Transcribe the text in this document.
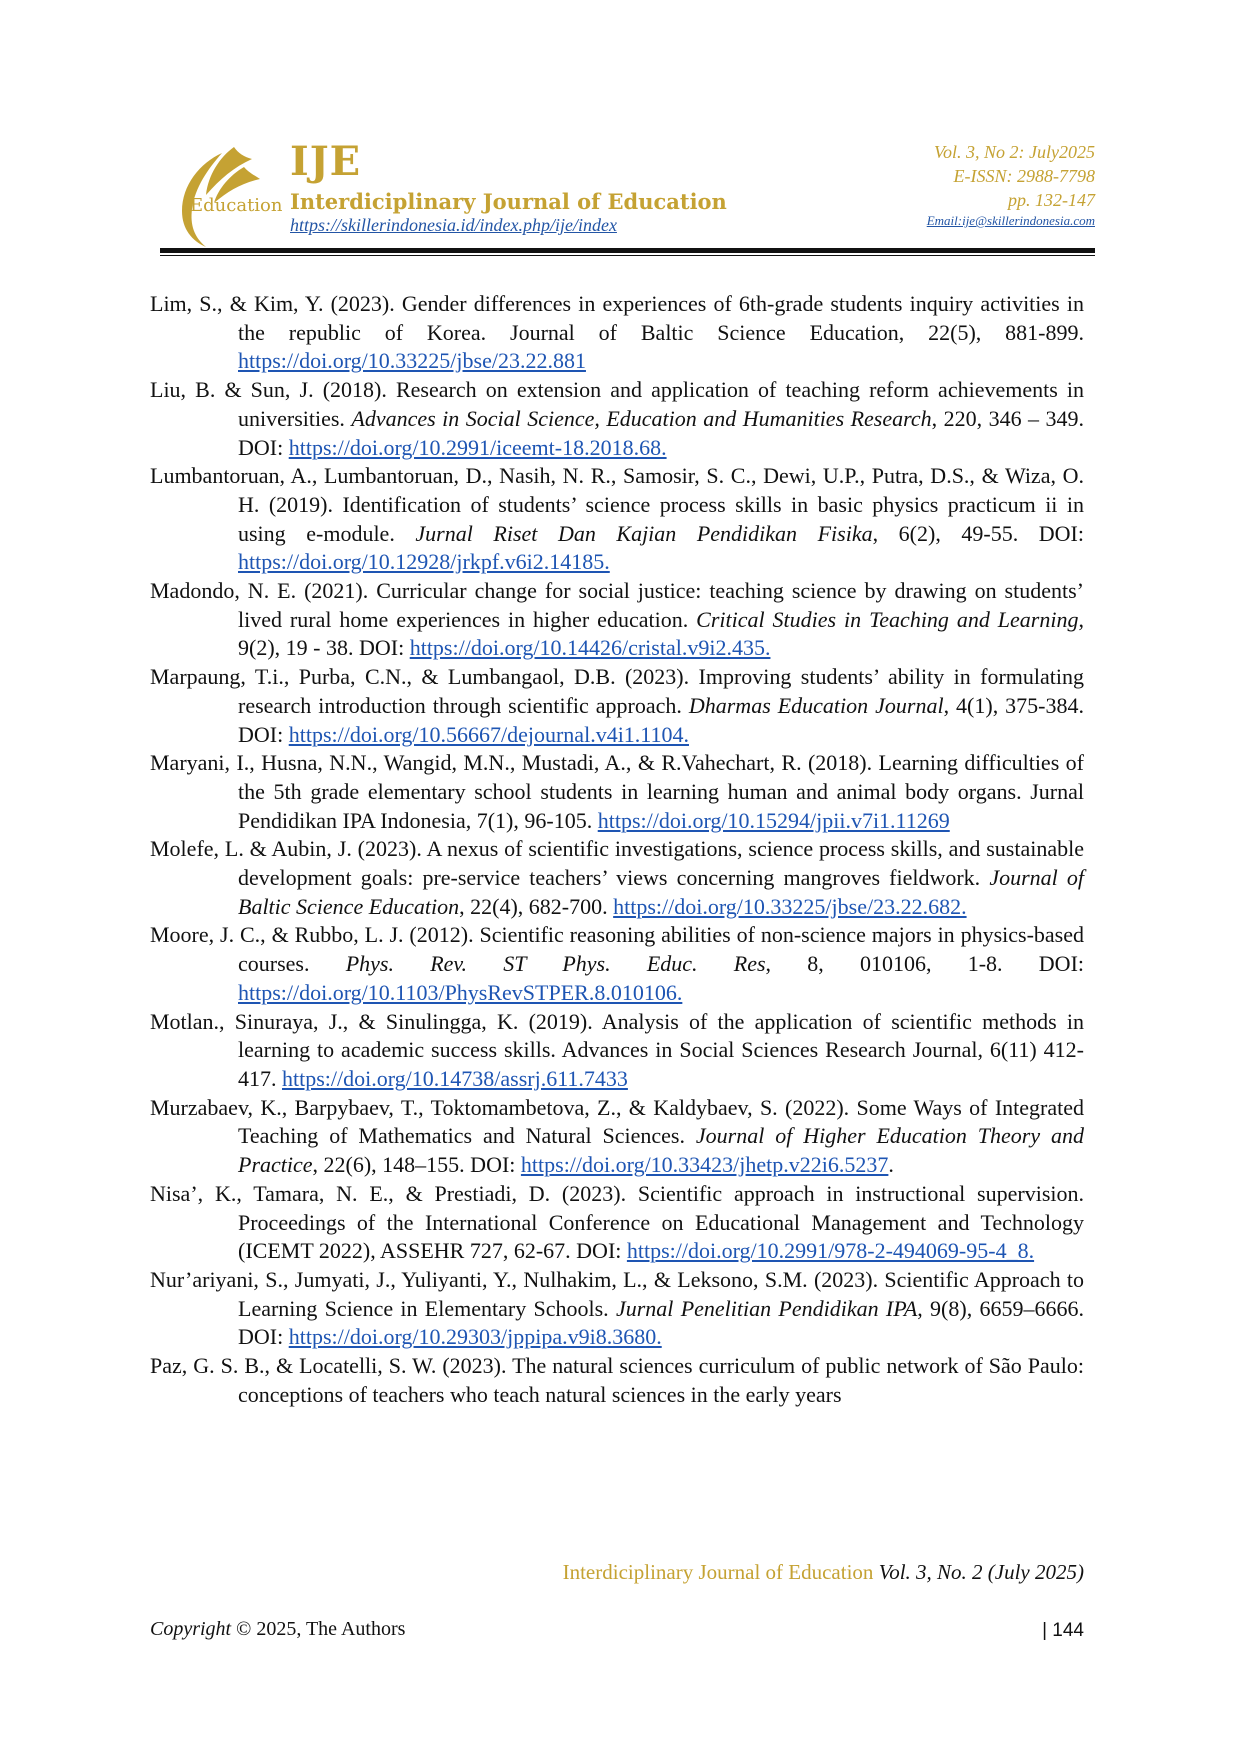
Education

IJE

Interdiciplinary Journal of Education

https://skillerindonesia.id/index.php/ije/index

Vol. 3, No 2: July2025
E-ISSN: 2988-7798
pp. 132-147
Email:ije@skillerindonesia.com
Lim, S., & Kim, Y. (2023). Gender differences in experiences of 6th-grade students inquiry activities in the republic of Korea. Journal of Baltic Science Education, 22(5), 881-899. https://doi.org/10.33225/jbse/23.22.881
Liu, B. & Sun, J. (2018). Research on extension and application of teaching reform achievements in universities. Advances in Social Science, Education and Humanities Research, 220, 346 – 349. DOI: https://doi.org/10.2991/iceemt-18.2018.68.
Lumbantoruan, A., Lumbantoruan, D., Nasih, N. R., Samosir, S. C., Dewi, U.P., Putra, D.S., & Wiza, O. H. (2019). Identification of students’ science process skills in basic physics practicum ii in using e-module. Jurnal Riset Dan Kajian Pendidikan Fisika, 6(2), 49-55. DOI: https://doi.org/10.12928/jrkpf.v6i2.14185.
Madondo, N. E. (2021). Curricular change for social justice: teaching science by drawing on students’ lived rural home experiences in higher education. Critical Studies in Teaching and Learning, 9(2), 19 - 38. DOI: https://doi.org/10.14426/cristal.v9i2.435.
Marpaung, T.i., Purba, C.N., & Lumbangaol, D.B. (2023). Improving students’ ability in formulating research introduction through scientific approach. Dharmas Education Journal, 4(1), 375-384. DOI: https://doi.org/10.56667/dejournal.v4i1.1104.
Maryani, I., Husna, N.N., Wangid, M.N., Mustadi, A., & R.Vahechart, R. (2018). Learning difficulties of the 5th grade elementary school students in learning human and animal body organs. Jurnal Pendidikan IPA Indonesia, 7(1), 96-105. https://doi.org/10.15294/jpii.v7i1.11269
Molefe, L. & Aubin, J. (2023). A nexus of scientific investigations, science process skills, and sustainable development goals: pre-service teachers’ views concerning mangroves fieldwork. Journal of Baltic Science Education, 22(4), 682-700. https://doi.org/10.33225/jbse/23.22.682.
Moore, J. C., & Rubbo, L. J. (2012). Scientific reasoning abilities of non-science majors in physics-based courses. Phys. Rev. ST Phys. Educ. Res, 8, 010106, 1-8. DOI: https://doi.org/10.1103/PhysRevSTPER.8.010106.
Motlan., Sinuraya, J., & Sinulingga, K. (2019). Analysis of the application of scientific methods in learning to academic success skills. Advances in Social Sciences Research Journal, 6(11) 412-417. https://doi.org/10.14738/assrj.611.7433
Murzabaev, K., Barpybaev, T., Toktomambetova, Z., & Kaldybaev, S. (2022). Some Ways of Integrated Teaching of Mathematics and Natural Sciences. Journal of Higher Education Theory and Practice, 22(6), 148–155. DOI: https://doi.org/10.33423/jhetp.v22i6.5237.
Nisa’, K., Tamara, N. E., & Prestiadi, D. (2023). Scientific approach in instructional supervision. Proceedings of the International Conference on Educational Management and Technology (ICEMT 2022), ASSEHR 727, 62-67. DOI: https://doi.org/10.2991/978-2-494069-95-4_8.
Nur’ariyani, S., Jumyati, J., Yuliyanti, Y., Nulhakim, L., & Leksono, S.M. (2023). Scientific Approach to Learning Science in Elementary Schools. Jurnal Penelitian Pendidikan IPA, 9(8), 6659–6666. DOI: https://doi.org/10.29303/jppipa.v9i8.3680.
Paz, G. S. B., & Locatelli, S. W. (2023). The natural sciences curriculum of public network of São Paulo: conceptions of teachers who teach natural sciences in the early years

Interdiciplinary Journal of Education Vol. 3, No. 2 (July 2025)

Copyright © 2025, The Authors	| 144
